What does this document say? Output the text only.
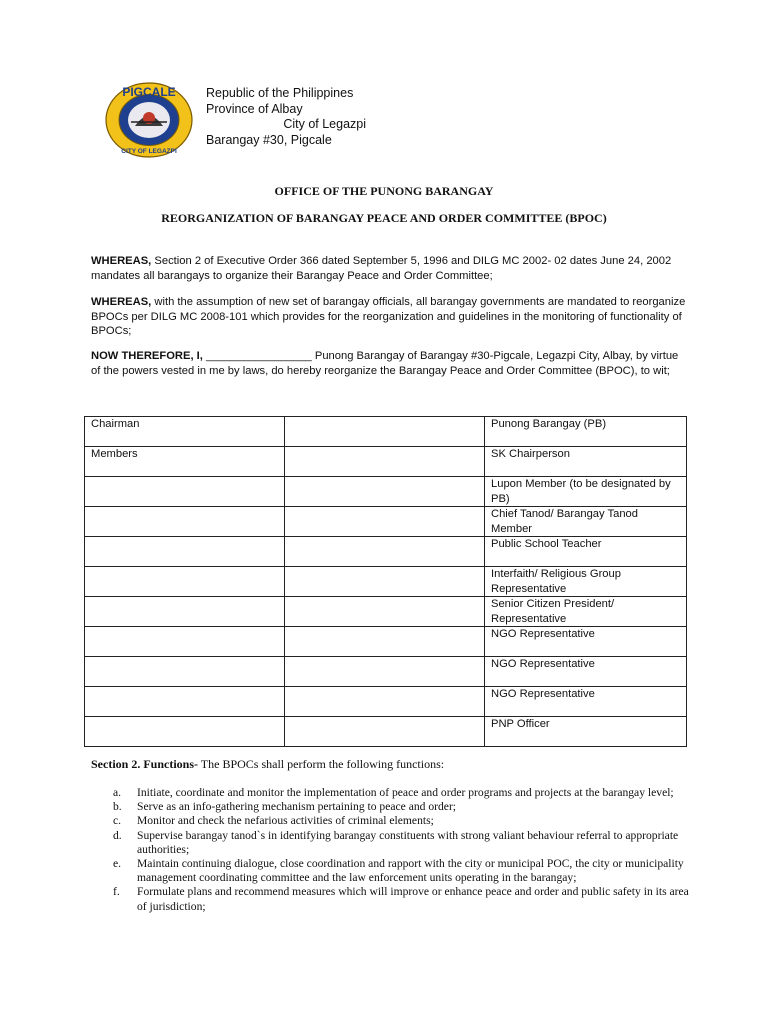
PIGCALE
CITY OF LEGAZPI
Republic of the Philippines
Province of Albay
City of Legazpi
Barangay #30, Pigcale
OFFICE OF THE PUNONG BARANGAY
REORGANIZATION OF BARANGAY PEACE AND ORDER COMMITTEE (BPOC)
WHEREAS, Section 2 of Executive Order 366 dated September 5, 1996 and DILG MC 2002- 02 dates June 24, 2002 mandates all barangays to organize their Barangay Peace and Order Committee;
WHEREAS, with the assumption of new set of barangay officials, all barangay governments are mandated to reorganize BPOCs per DILG MC 2008-101 which provides for the reorganization and guidelines in the monitoring of functionality of BPOCs;
NOW THEREFORE, I, _________________ Punong Barangay of Barangay #30-Pigcale, Legazpi City, Albay, by virtue of the powers vested in me by laws, do hereby reorganize the Barangay Peace and Order Committee (BPOC), to wit;
Chairman		Punong Barangay (PB)
Members		SK Chairperson
		Lupon Member (to be designated by PB)
		Chief Tanod/ Barangay Tanod Member
		Public School Teacher
		Interfaith/ Religious Group Representative
		Senior Citizen President/ Representative
		NGO Representative
		NGO Representative
		NGO Representative
		PNP Officer
Section 2. Functions- The BPOCs shall perform the following functions:
a. Initiate, coordinate and monitor the implementation of peace and order programs and projects at the barangay level;
b. Serve as an info-gathering mechanism pertaining to peace and order;
c. Monitor and check the nefarious activities of criminal elements;
d. Supervise barangay tanod`s in identifying barangay constituents with strong valiant behaviour referral to appropriate authorities;
e. Maintain continuing dialogue, close coordination and rapport with the city or municipal POC, the city or municipality management coordinating committee and the law enforcement units operating in the barangay;
f. Formulate plans and recommend measures which will improve or enhance peace and order and public safety in its area of jurisdiction;
